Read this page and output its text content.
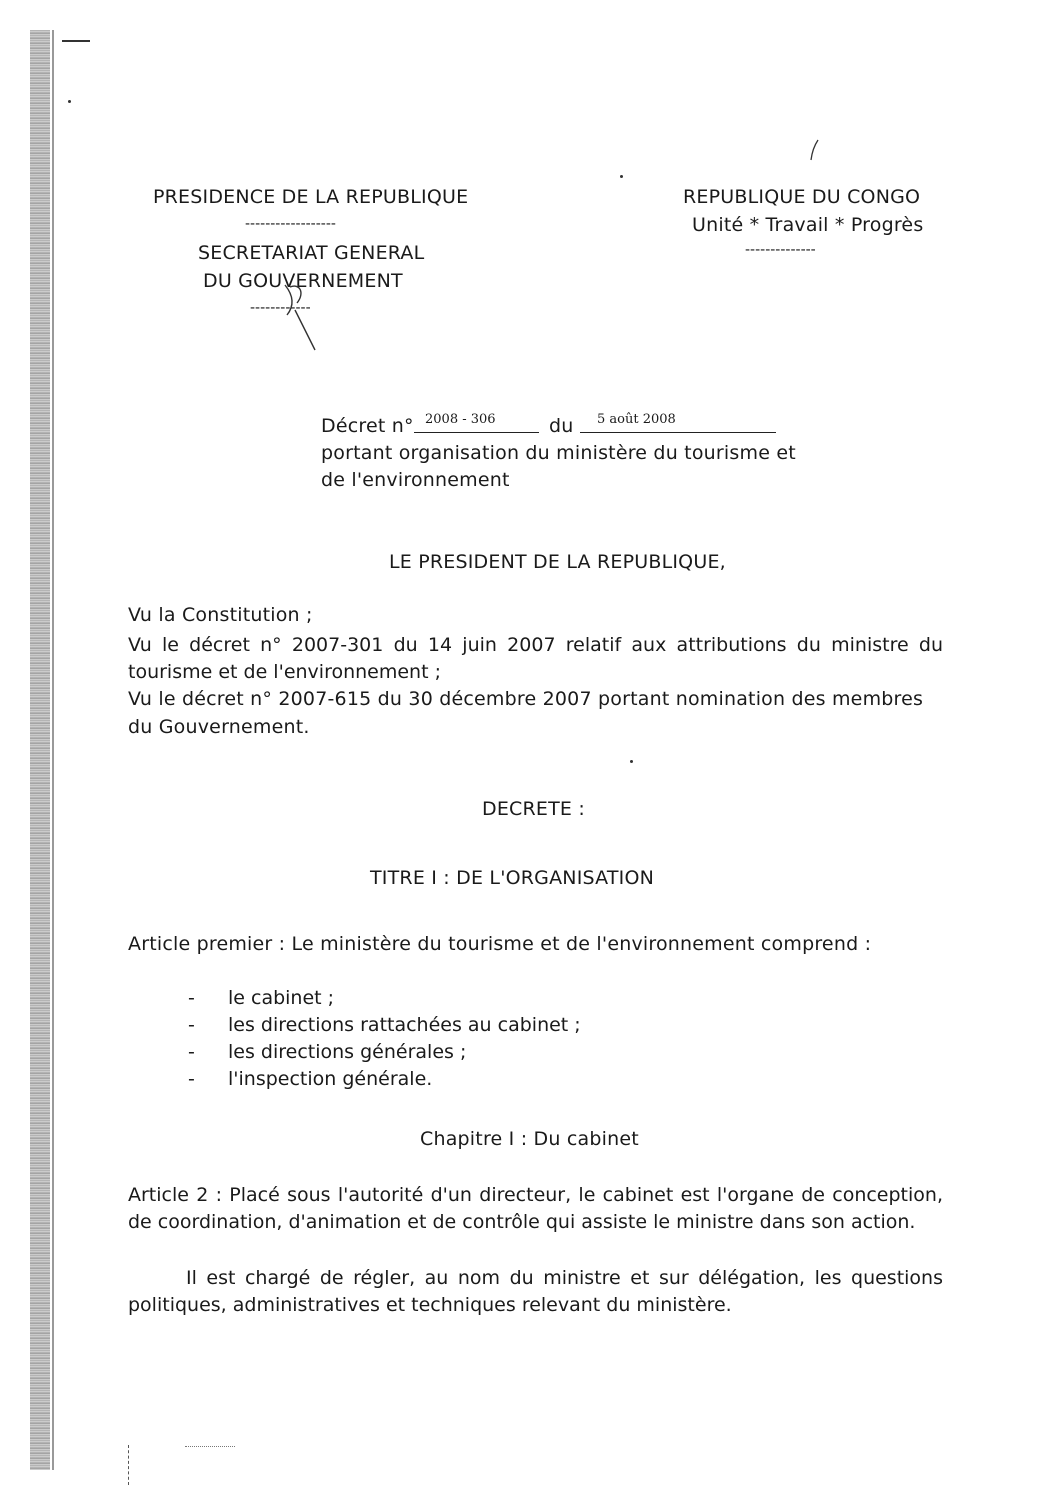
PRESIDENCE DE LA REPUBLIQUE
------------------
SECRETARIAT GENERAL
DU GOUVERNEMENT
------------
REPUBLIQUE DU CONGO
Unité * Travail * Progrès
--------------
Décret n° 2008 - 306	du 5 août 2008
portant organisation du ministère du tourisme et
de l'environnement
LE PRESIDENT DE LA REPUBLIQUE,
Vu la Constitution ;
Vu le décret n° 2007-301 du 14 juin 2007 relatif aux attributions du ministre du tourisme et de l'environnement ;
Vu le décret n° 2007-615 du 30 décembre 2007 portant nomination des membres
du Gouvernement.
DECRETE :
TITRE I : DE L'ORGANISATION
Article premier : Le ministère du tourisme et de l'environnement comprend :
- le cabinet ;
- les directions rattachées au cabinet ;
- les directions générales ;
- l'inspection générale.
Chapitre I : Du cabinet
Article 2 : Placé sous l'autorité d'un directeur, le cabinet est l'organe de conception, de coordination, d'animation et de contrôle qui assiste le ministre dans son action.
Il est chargé de régler, au nom du ministre et sur délégation, les questions politiques, administratives et techniques relevant du ministère.
